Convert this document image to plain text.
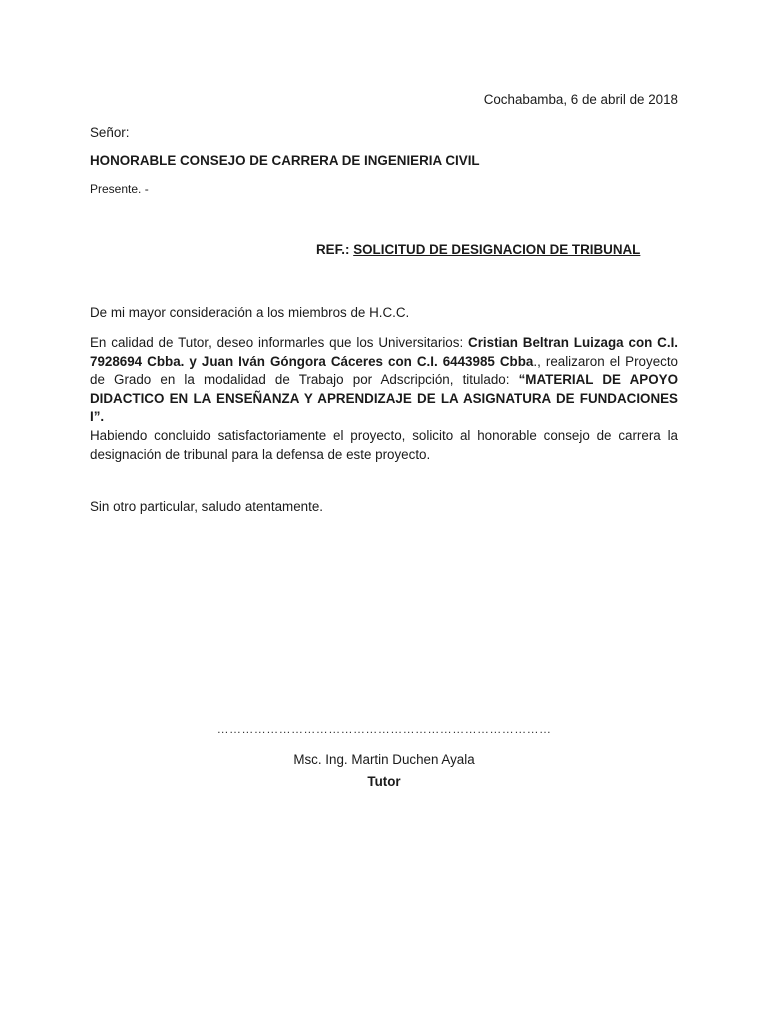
Cochabamba, 6 de abril de 2018
Señor:
HONORABLE CONSEJO DE CARRERA DE INGENIERIA CIVIL
Presente. -
REF.: SOLICITUD DE DESIGNACION DE TRIBUNAL
De mi mayor consideración a los miembros de H.C.C.

En calidad de Tutor, deseo informarles que los Universitarios: Cristian Beltran Luizaga con C.I. 7928694 Cbba. y Juan Iván Góngora Cáceres con C.I. 6443985 Cbba., realizaron el Proyecto de Grado en la modalidad de Trabajo por Adscripción, titulado: “MATERIAL DE APOYO DIDACTICO EN LA ENSEÑANZA Y APRENDIZAJE DE LA ASIGNATURA DE FUNDACIONES I”.

Habiendo concluido satisfactoriamente el proyecto, solicito al honorable consejo de carrera la designación de tribunal para la defensa de este proyecto.

Sin otro particular, saludo atentamente.
………………………………………………………………………
Msc. Ing. Martin Duchen Ayala
Tutor
